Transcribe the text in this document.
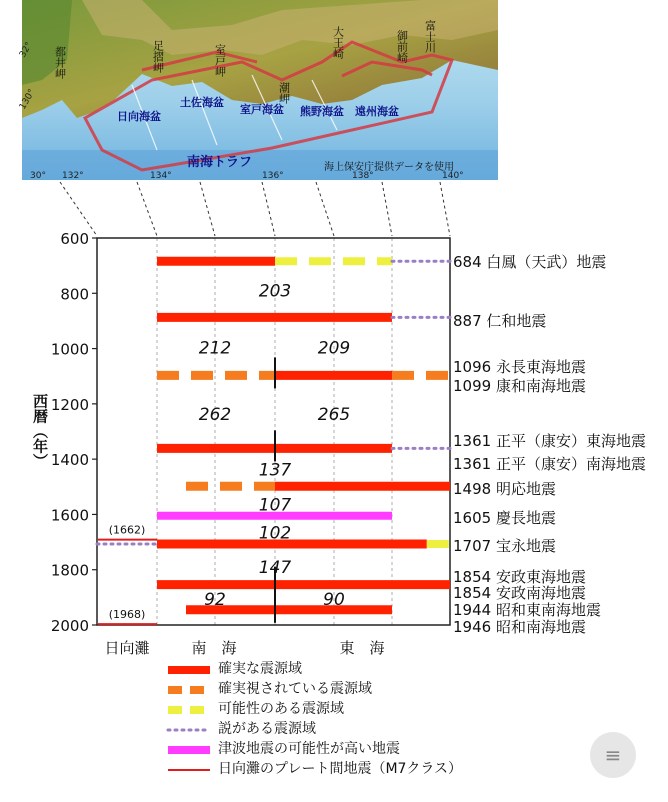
日向海盆
土佐海盆
室戸海盆 熊野海盆 遠州海盆
都井岬	足摺岬	室戸岬
潮岬
大王崎	御前崎 富士川
南海トラフ	海上保安庁提供データを使用
32°
130°
30° 132°	134°	136°	138°	140°
600
800
1000
1200
1400
1600
1800
2000
西暦（年）
203
212	209
262	265
137
107
102
147
92	90
(1662)
(1968)
684 白鳳（天武）地震
887 仁和地震
1096 永長東海地震
1099 康和南海地震
1361 正平（康安）東海地震
1361 正平（康安）南海地震
1498 明応地震
1605 慶長地震
1707 宝永地震
1854 安政東海地震
1854 安政南海地震
1944 昭和東南海地震
1946 昭和南海地震
日向灘	南　海	東　海
確実な震源域
確実視されている震源域
可能性のある震源域
説がある震源域
津波地震の可能性が高い地震
日向灘のプレート間地震（M7クラス）
≡
